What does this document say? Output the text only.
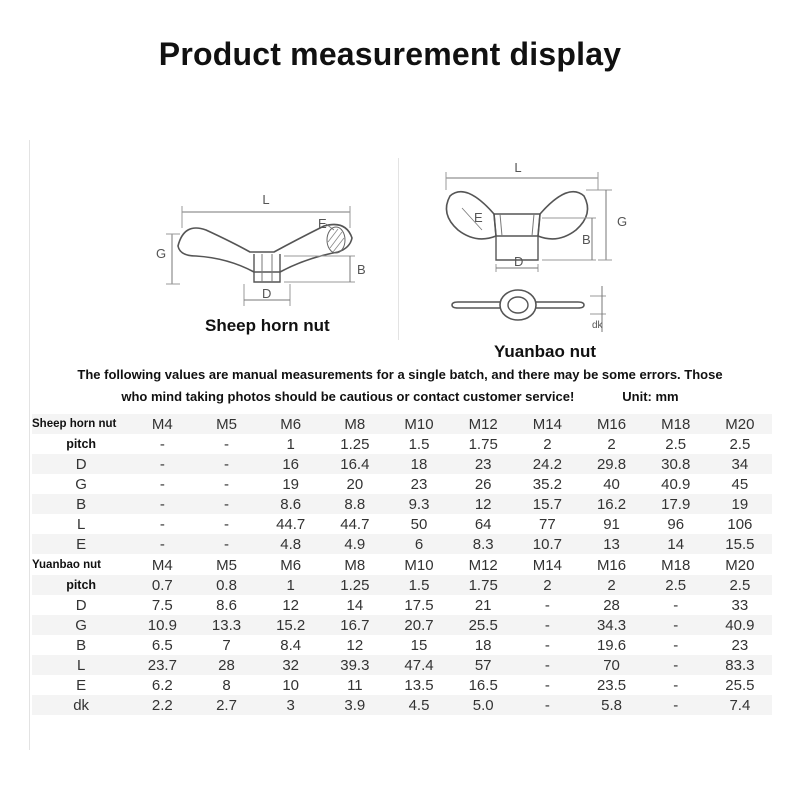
Product measurement display
L
E
G
B
D
Sheep horn nut
L
E
B
G
D
dk
Yuanbao nut
The following values are manual measurements for a single batch, and there may be some errors. Those
who mind taking photos should be cautious or contact customer service!	Unit: mm
Sheep horn nut	M4	M5	M6	M8	M10	M12	M14	M16	M18	M20
pitch	-	-	1	1.25	1.5	1.75	2	2	2.5	2.5
D	-	-	16	16.4	18	23	24.2	29.8	30.8	34
G	-	-	19	20	23	26	35.2	40	40.9	45
B	-	-	8.6	8.8	9.3	12	15.7	16.2	17.9	19
L	-	-	44.7	44.7	50	64	77	91	96	106
E	-	-	4.8	4.9	6	8.3	10.7	13	14	15.5
Yuanbao nut	M4	M5	M6	M8	M10	M12	M14	M16	M18	M20
pitch	0.7	0.8	1	1.25	1.5	1.75	2	2	2.5	2.5
D	7.5	8.6	12	14	17.5	21	-	28	-	33
G	10.9	13.3	15.2	16.7	20.7	25.5	-	34.3	-	40.9
B	6.5	7	8.4	12	15	18	-	19.6	-	23
L	23.7	28	32	39.3	47.4	57	-	70	-	83.3
E	6.2	8	10	11	13.5	16.5	-	23.5	-	25.5
dk	2.2	2.7	3	3.9	4.5	5.0	-	5.8	-	7.4
